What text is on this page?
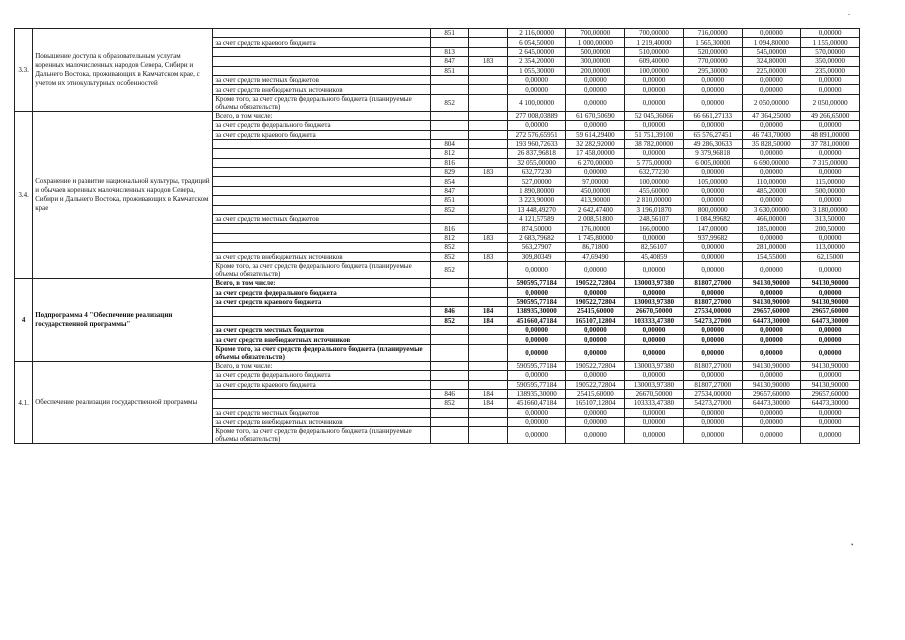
-
3.3.	Повышение доступа к образовательным услугам коренных малочисленных народов Севера, Сибири и Дальнего Востока, проживающих в Камчатском крае, с учетом их этнокультурных особенностей		851		2 116,00000	700,00000	700,00000	716,00000	0,00000	0,00000
		за счет средств краевого бюджета			6 054,50000	1 000,00000	1 219,40000	1 565,30000	1 094,80000	1 155,00000
			813		2 645,00000	500,00000	510,00000	520,00000	545,00000	570,00000
			847	183	2 354,20000	300,00000	609,40000	770,00000	324,80000	350,00000
			851		1 055,30000	200,00000	100,00000	295,30000	225,00000	235,00000
		за счет средств местных бюджетов			0,00000	0,00000	0,00000	0,00000	0,00000	0,00000
		за счет средств внебюджетных источников			0,00000	0,00000	0,00000	0,00000	0,00000	0,00000
		Кроме того, за счет средств федерального бюджета (планируемые объемы обязательств)	852		4 100,00000	0,00000	0,00000	0,00000	2 050,00000	2 050,00000
3.4.	Сохранение и развитие национальной культуры, традиций и обычаев коренных малочисленных народов Севера, Сибири и Дальнего Востока, проживающих в Камчатском крае	Всего, в том числе:			277 008,03889	61 670,50690	52 045,36066	66 661,27133	47 364,25000	49 266,65000
		за счет средств федерального бюджета			0,00000	0,00000	0,00000	0,00000	0,00000	0,00000
		за счет средств краевого бюджета			272 576,65951	59 614,29400	51 751,39100	65 576,27451	46 743,70000	48 891,00000
			804		193 960,72633	32 282,92000	38 782,00000	49 286,30633	35 828,50000	37 781,00000
			812		26 837,96818	17 458,00000	0,00000	9 379,96818	0,00000	0,00000
			816		32 055,00000	6 270,00000	5 775,00000	6 005,00000	6 690,00000	7 315,00000
			829	183	632,77230	0,00000	632,77230	0,00000	0,00000	0,00000
			854		527,00000	97,00000	100,00000	105,00000	110,00000	115,00000
			847		1 890,80000	450,00000	455,60000	0,00000	485,20000	500,00000
			851		3 223,90000	413,90000	2 810,00000	0,00000	0,00000	0,00000
			852		13 448,49270	2 642,47400	3 196,01870	800,00000	3 630,00000	3 180,00000
		за счет средств местных бюджетов			4 121,57589	2 008,51800	248,56107	1 084,99682	466,00000	313,50000
			816		874,50000	176,00000	166,00000	147,00000	185,00000	200,50000
			812	183	2 683,79682	1 745,80000	0,00000	937,99682	0,00000	0,00000
			852		563,27907	86,71800	82,56107	0,00000	281,00000	113,00000
		за счет средств внебюджетных источников	852	183	309,80349	47,69490	45,40859	0,00000	154,55000	62,15000
		Кроме того, за счет средств федерального бюджета (планируемые объемы обязательств)	852		0,00000	0,00000	0,00000	0,00000	0,00000	0,00000
4	Подпрограмма 4 "Обеспечение реализации государственной программы"	Всего, в том числе:			590595,77184	190522,72804	130003,97380	81807,27000	94130,90000	94130,90000
		за счет средств федерального бюджета			0,00000	0,00000	0,00000	0,00000	0,00000	0,00000
		за счет средств краевого бюджета			590595,77184	190522,72804	130003,97380	81807,27000	94130,90000	94130,90000
			846	184	138935,30000	25415,60000	26670,50000	27534,00000	29657,60000	29657,60000
			852	184	451660,47184	165107,12804	103333,47380	54273,27000	64473,30000	64473,30000
		за счет средств местных бюджетов			0,00000	0,00000	0,00000	0,00000	0,00000	0,00000
		за счет средств внебюджетных источников			0,00000	0,00000	0,00000	0,00000	0,00000	0,00000
		Кроме того, за счет средств федерального бюджета (планируемые объемы обязательств)			0,00000	0,00000	0,00000	0,00000	0,00000	0,00000
4.1.	Обеспечение реализации государственной программы	Всего, в том числе:			590595,77184	190522,72804	130003,97380	81807,27000	94130,90000	94130,90000
		за счет средств федерального бюджета			0,00000	0,00000	0,00000	0,00000	0,00000	0,00000
		за счет средств краевого бюджета			590595,77184	190522,72804	130003,97380	81807,27000	94130,90000	94130,90000
			846	184	138935,30000	25415,60000	26670,50000	27534,00000	29657,60000	29657,60000
			852	184	451660,47184	165107,12804	103333,47380	54273,27000	64473,30000	64473,30000
		за счет средств местных бюджетов			0,00000	0,00000	0,00000	0,00000	0,00000	0,00000
		за счет средств внебюджетных источников			0,00000	0,00000	0,00000	0,00000	0,00000	0,00000
		Кроме того, за счет средств федерального бюджета (планируемые объемы обязательств)			0,00000	0,00000	0,00000	0,00000	0,00000	0,00000
•
